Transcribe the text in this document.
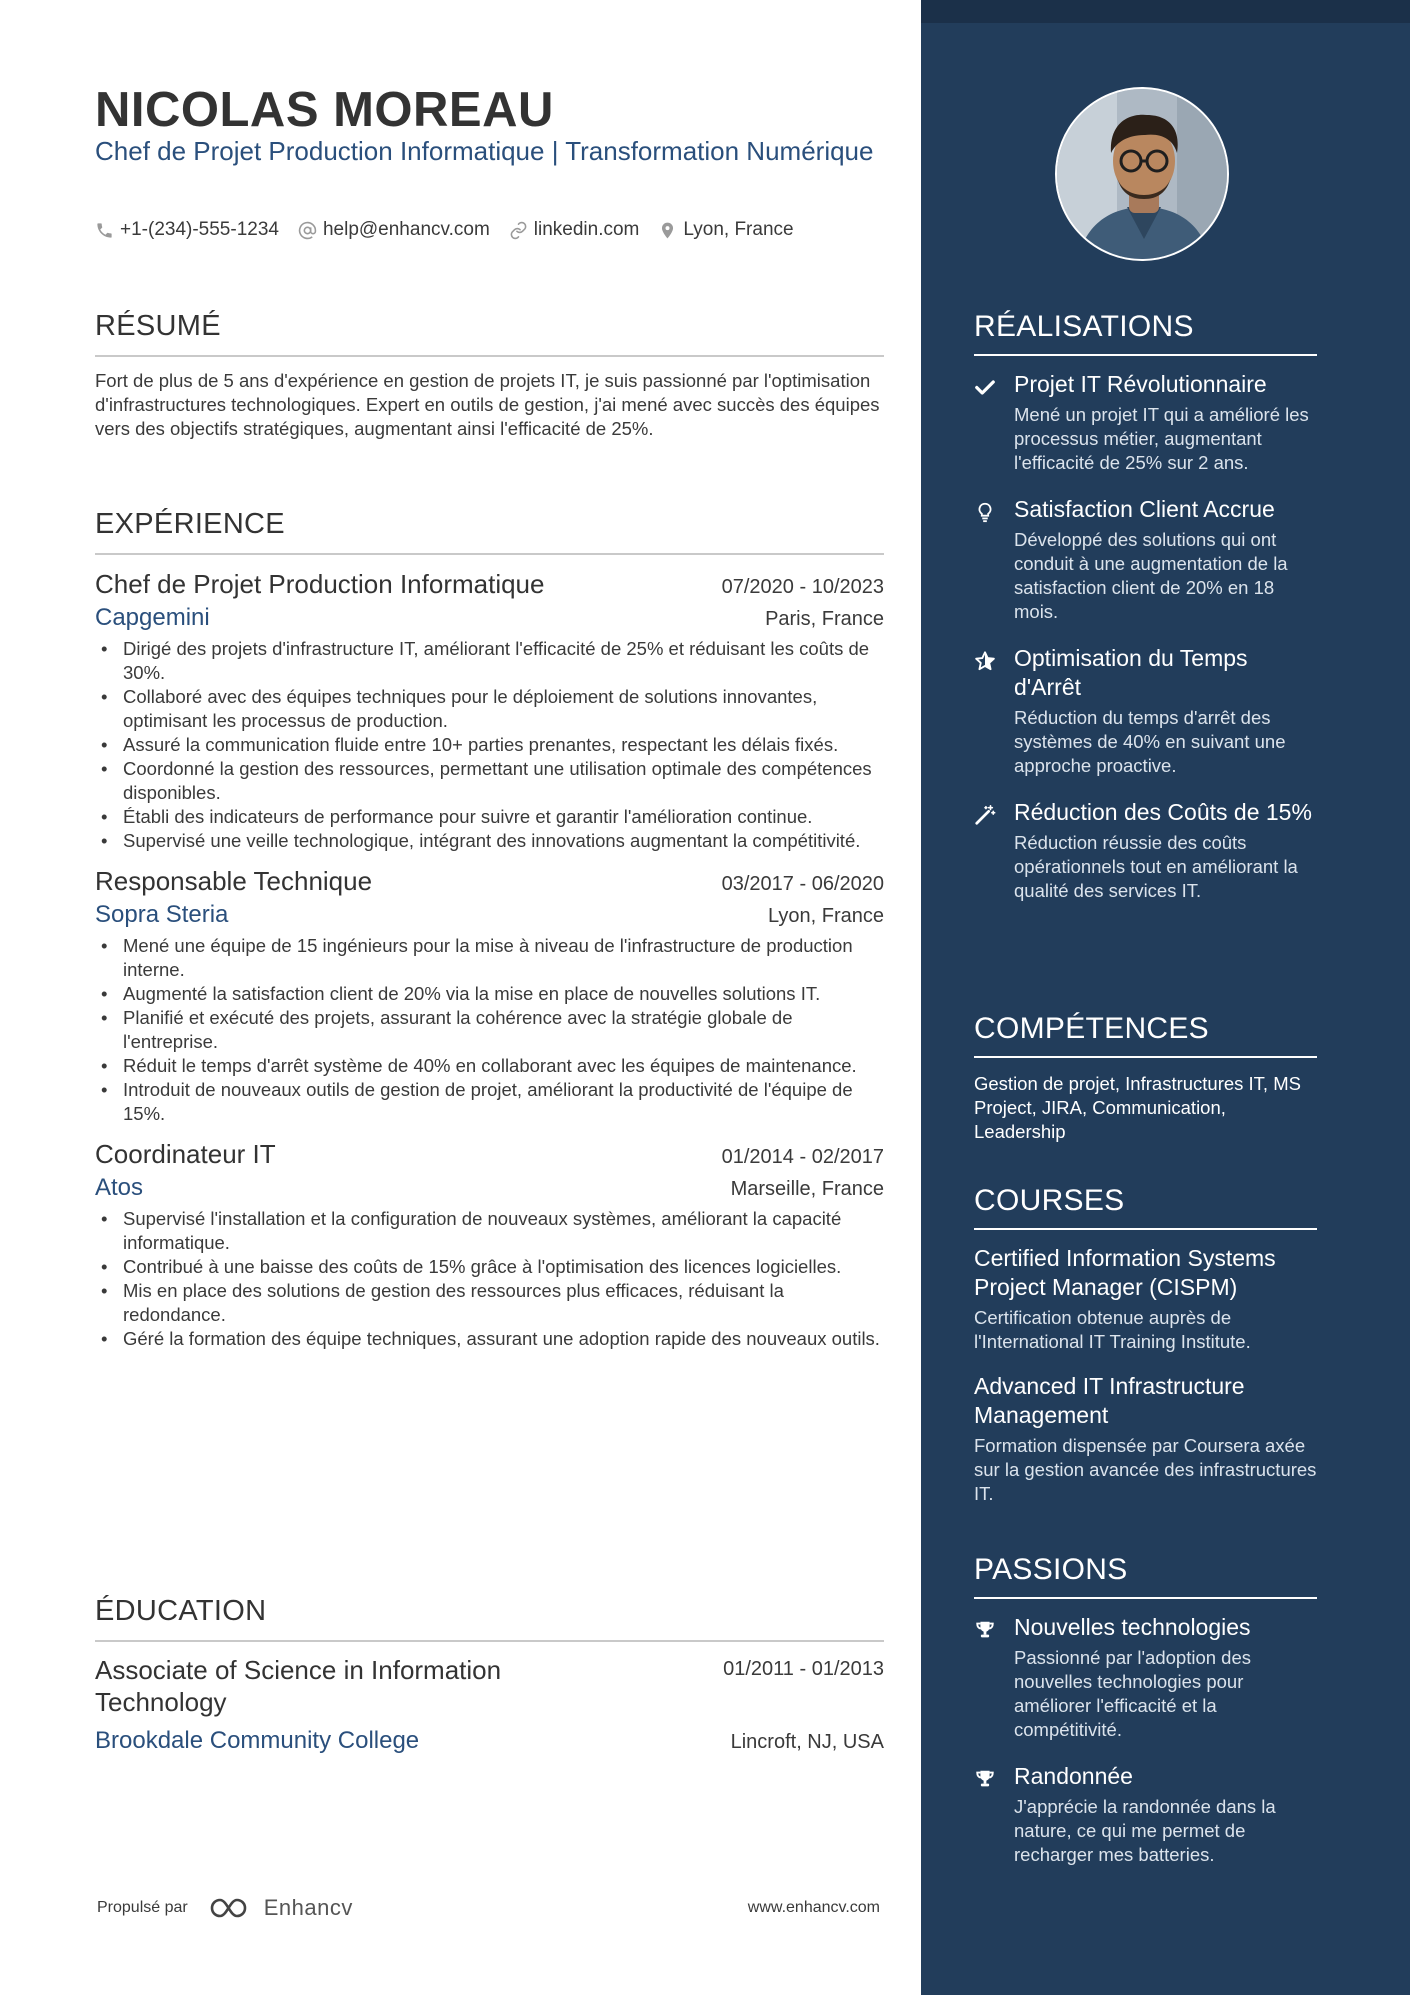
NICOLAS MOREAU
Chef de Projet Production Informatique | Transformation Numérique
+1-(234)-555-1234 help@enhancv.com linkedin.com Lyon, France
RÉSUMÉ
Fort de plus de 5 ans d'expérience en gestion de projets IT, je suis passionné par l'optimisation d'infrastructures technologiques. Expert en outils de gestion, j'ai mené avec succès des équipes vers des objectifs stratégiques, augmentant ainsi l'efficacité de 25%.
EXPÉRIENCE
Chef de Projet Production Informatique	07/2020 - 10/2023
Capgemini	Paris, France
• Dirigé des projets d'infrastructure IT, améliorant l'efficacité de 25% et réduisant les coûts de 30%.
• Collaboré avec des équipes techniques pour le déploiement de solutions innovantes, optimisant les processus de production.
• Assuré la communication fluide entre 10+ parties prenantes, respectant les délais fixés.
• Coordonné la gestion des ressources, permettant une utilisation optimale des compétences disponibles.
• Établi des indicateurs de performance pour suivre et garantir l'amélioration continue.
• Supervisé une veille technologique, intégrant des innovations augmentant la compétitivité.
Responsable Technique	03/2017 - 06/2020
Sopra Steria	Lyon, France
• Mené une équipe de 15 ingénieurs pour la mise à niveau de l'infrastructure de production interne.
• Augmenté la satisfaction client de 20% via la mise en place de nouvelles solutions IT.
• Planifié et exécuté des projets, assurant la cohérence avec la stratégie globale de l'entreprise.
• Réduit le temps d'arrêt système de 40% en collaborant avec les équipes de maintenance.
• Introduit de nouveaux outils de gestion de projet, améliorant la productivité de l'équipe de 15%.
Coordinateur IT	01/2014 - 02/2017
Atos	Marseille, France
• Supervisé l'installation et la configuration de nouveaux systèmes, améliorant la capacité informatique.
• Contribué à une baisse des coûts de 15% grâce à l'optimisation des licences logicielles.
• Mis en place des solutions de gestion des ressources plus efficaces, réduisant la redondance.
• Géré la formation des équipe techniques, assurant une adoption rapide des nouveaux outils.
ÉDUCATION
Associate of Science in Information Technology
01/2011 - 01/2013
Brookdale Community College	Lincroft, NJ, USA
RÉALISATIONS
Projet IT Révolutionnaire
Mené un projet IT qui a amélioré les processus métier, augmentant l'efficacité de 25% sur 2 ans.
Satisfaction Client Accrue
Développé des solutions qui ont conduit à une augmentation de la satisfaction client de 20% en 18 mois.
Optimisation du Temps d'Arrêt
Réduction du temps d'arrêt des systèmes de 40% en suivant une approche proactive.
Réduction des Coûts de 15%
Réduction réussie des coûts opérationnels tout en améliorant la qualité des services IT.
COMPÉTENCES
Gestion de projet, Infrastructures IT, MS Project, JIRA, Communication, Leadership
COURSES
Certified Information Systems Project Manager (CISPM)
Certification obtenue auprès de l'International IT Training Institute.
Advanced IT Infrastructure Management
Formation dispensée par Coursera axée sur la gestion avancée des infrastructures IT.
PASSIONS
Nouvelles technologies
Passionné par l'adoption des nouvelles technologies pour améliorer l'efficacité et la compétitivité.
Randonnée
J'apprécie la randonnée dans la nature, ce qui me permet de recharger mes batteries.
Propulsé par	Enhancv	www.enhancv.com
